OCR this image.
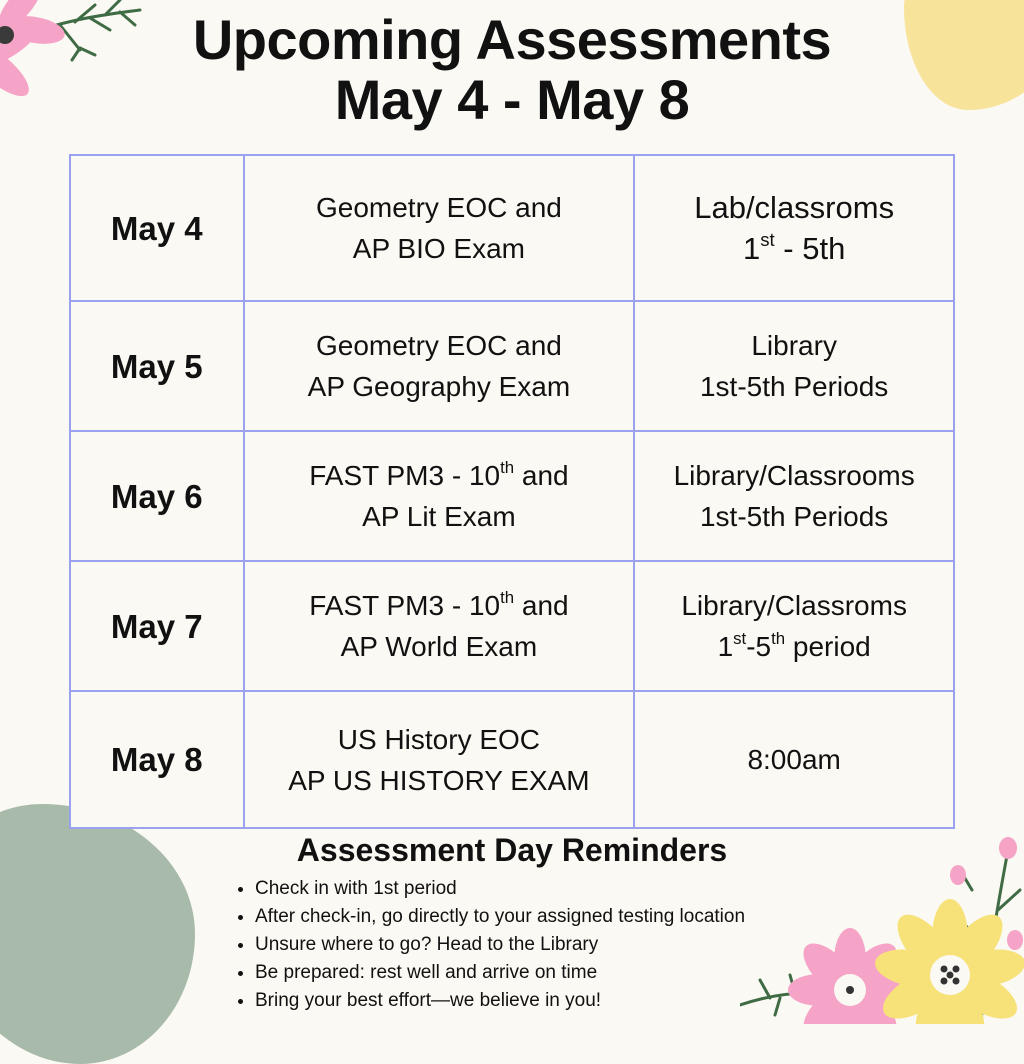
Upcoming Assessments
May 4 - May 8
May 4	Geometry EOC and
AP BIO Exam	Lab/classroms
1st - 5th

May 5	Geometry EOC and
AP Geography Exam	Library
1st-5th Periods

May 6	FAST PM3 - 10th and
AP Lit Exam	Library/Classrooms
1st-5th Periods

May 7	FAST PM3 - 10th and
AP World Exam	Library/Classroms
1st-5th period

May 8	US History EOC
AP US HISTORY EXAM	8:00am
Assessment Day Reminders
• Check in with 1st period
• After check-in, go directly to your assigned testing location
• Unsure where to go? Head to the Library
• Be prepared: rest well and arrive on time
• Bring your best effort—we believe in you!
